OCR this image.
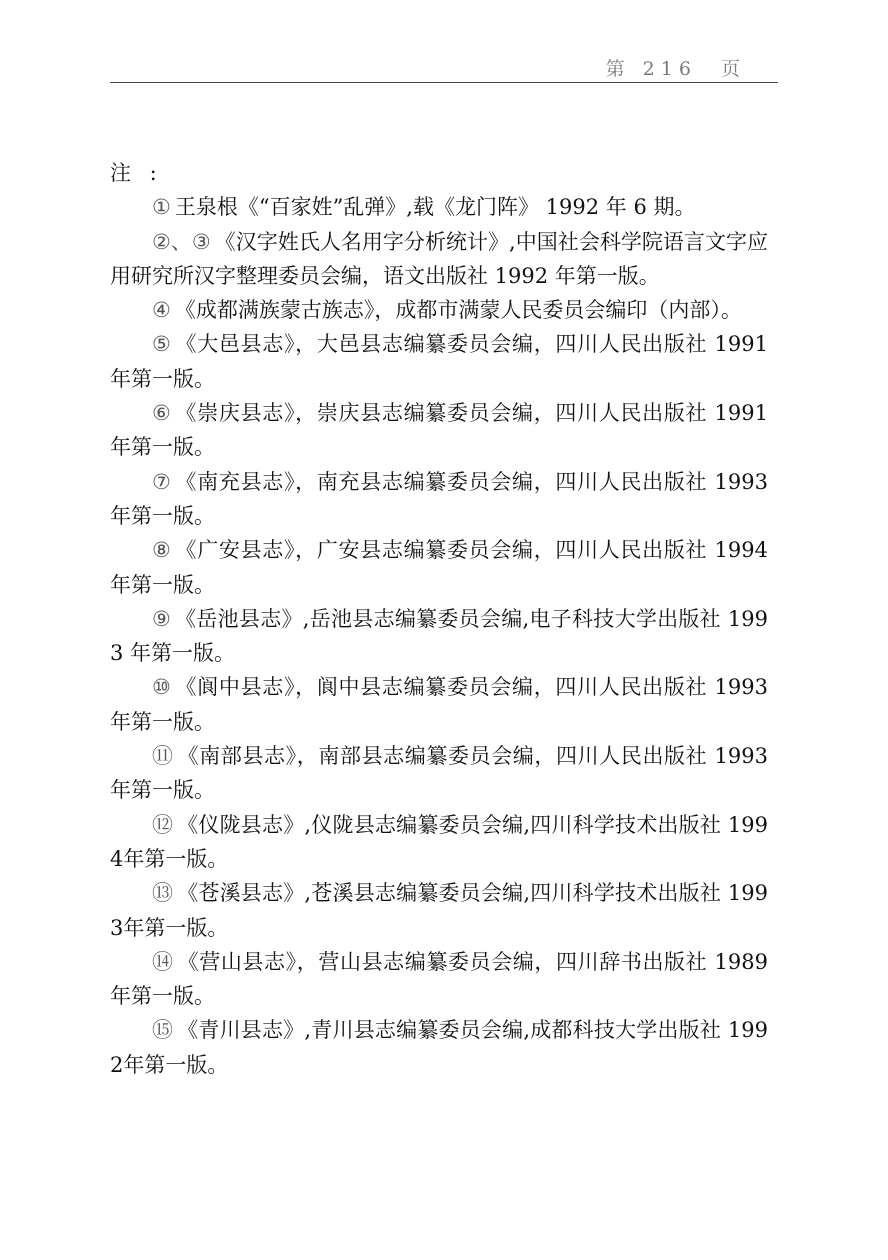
第 216  页
注 :

① 王泉根《“百家姓”乱弹》,载《龙门阵》 1992 年 6 期。

②、③ 《汉字姓氏人名用字分析统计》,中国社会科学院语言文字应用研究所汉字整理委员会编，语文出版社 1992 年第一版。

④ 《成都满族蒙古族志》，成都市满蒙人民委员会编印（内部）。

⑤ 《大邑县志》，大邑县志编纂委员会编，四川人民出版社 1991年第一版。

⑥ 《崇庆县志》，崇庆县志编纂委员会编，四川人民出版社 1991 年第一版。

⑦ 《南充县志》，南充县志编纂委员会编，四川人民出版社 1993 年第一版。

⑧ 《广安县志》，广安县志编纂委员会编，四川人民出版社 1994 年第一版。

⑨ 《岳池县志》,岳池县志编纂委员会编,电子科技大学出版社 1993 年第一版。

⑩ 《阆中县志》，阆中县志编纂委员会编，四川人民出版社 1993 年第一版。

⑪ 《南部县志》，南部县志编纂委员会编，四川人民出版社 1993 年第一版。

⑫ 《仪陇县志》,仪陇县志编纂委员会编,四川科学技术出版社 1994年第一版。

⑬ 《苍溪县志》,苍溪县志编纂委员会编,四川科学技术出版社 1993年第一版。

⑭ 《营山县志》，营山县志编纂委员会编，四川辞书出版社 1989 年第一版。

⑮ 《青川县志》,青川县志编纂委员会编,成都科技大学出版社 1992年第一版。
